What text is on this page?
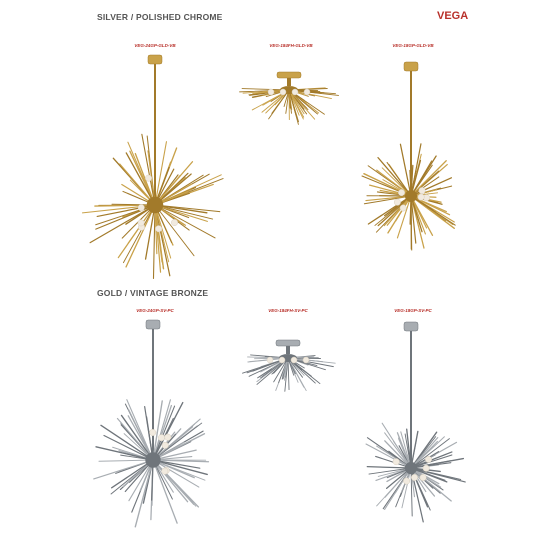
SILVER / POLISHED CHROME	VEGA
GOLD / VINTAGE BRONZE
VEG-24GP-GLD-VB	VEG-184FH-GLD-VB	VEG-18GP-GLD-VB
VEG-24GP-SV-PC	VEG-184FH-SV-PC	VEG-18GP-SV-PC
